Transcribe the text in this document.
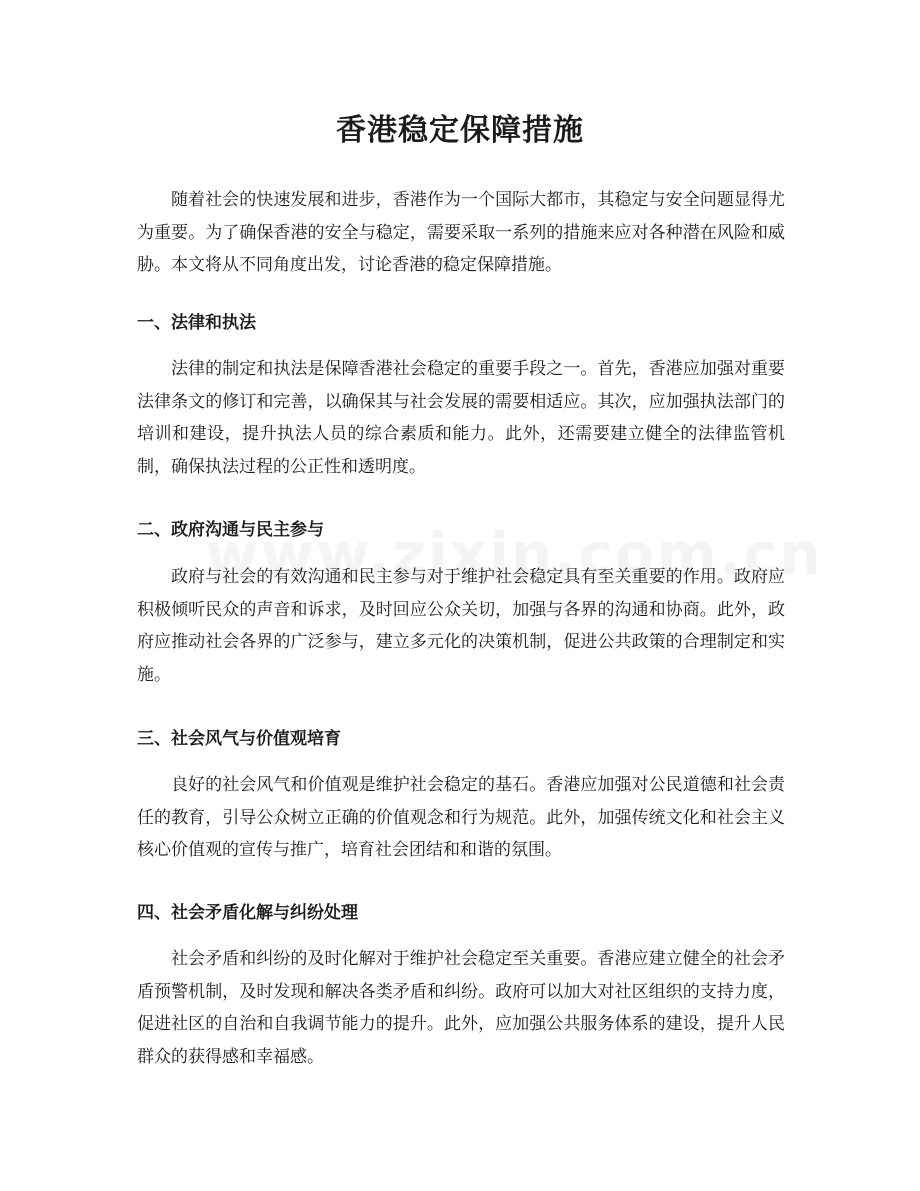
香港稳定保障措施

随着社会的快速发展和进步，香港作为一个国际大都市，其稳定与安全问题显得尤为重要。为了确保香港的安全与稳定，需要采取一系列的措施来应对各种潜在风险和威胁。本文将从不同角度出发，讨论香港的稳定保障措施。

一、法律和执法

法律的制定和执法是保障香港社会稳定的重要手段之一。首先，香港应加强对重要法律条文的修订和完善，以确保其与社会发展的需要相适应。其次，应加强执法部门的培训和建设，提升执法人员的综合素质和能力。此外，还需要建立健全的法律监管机制，确保执法过程的公正性和透明度。

二、政府沟通与民主参与

政府与社会的有效沟通和民主参与对于维护社会稳定具有至关重要的作用。政府应积极倾听民众的声音和诉求，及时回应公众关切，加强与各界的沟通和协商。此外，政府应推动社会各界的广泛参与，建立多元化的决策机制，促进公共政策的合理制定和实施。

三、社会风气与价值观培育

良好的社会风气和价值观是维护社会稳定的基石。香港应加强对公民道德和社会责任的教育，引导公众树立正确的价值观念和行为规范。此外，加强传统文化和社会主义核心价值观的宣传与推广，培育社会团结和和谐的氛围。

四、社会矛盾化解与纠纷处理

社会矛盾和纠纷的及时化解对于维护社会稳定至关重要。香港应建立健全的社会矛盾预警机制，及时发现和解决各类矛盾和纠纷。政府可以加大对社区组织的支持力度，促进社区的自治和自我调节能力的提升。此外，应加强公共服务体系的建设，提升人民群众的获得感和幸福感。
